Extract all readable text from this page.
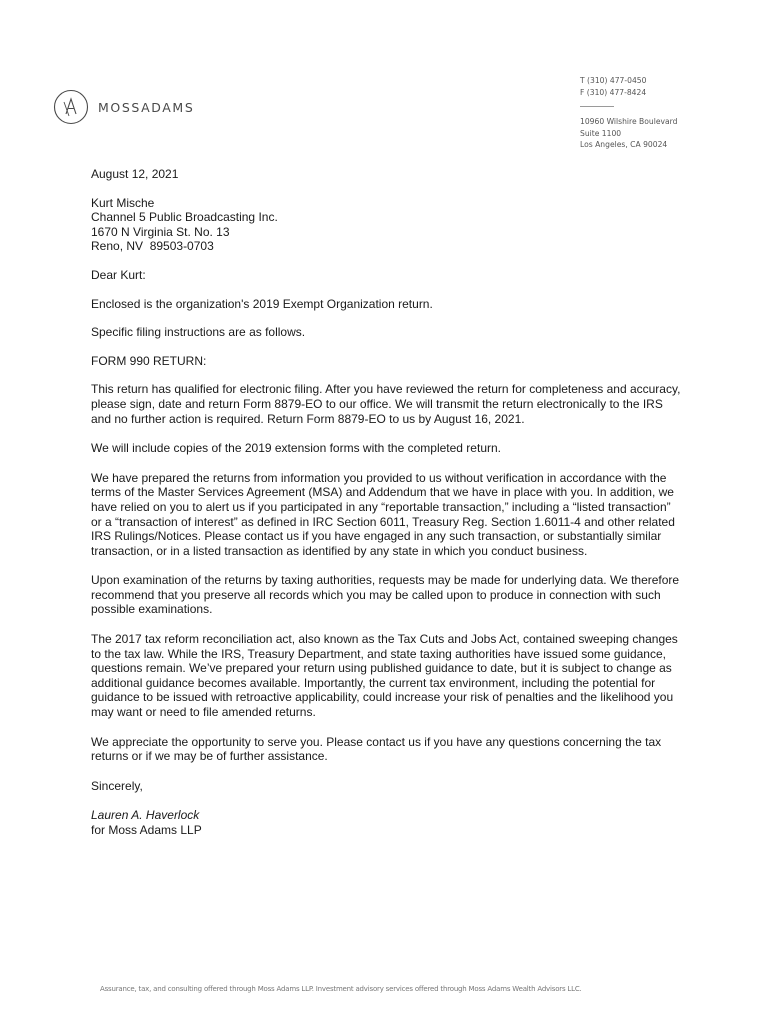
MOSSADAMS
T (310) 477-0450
F (310) 477-8424
10960 Wilshire Boulevard
Suite 1100
Los Angeles, CA 90024

August 12, 2021

Kurt Mische

Channel 5 Public Broadcasting Inc.

1670 N Virginia St. No. 13

Reno, NV  89503-0703

Dear Kurt:

Enclosed is the organization's 2019 Exempt Organization return.

Specific filing instructions are as follows.

FORM 990 RETURN:

This return has qualified for electronic filing. After you have reviewed the return for completeness and accuracy, please sign, date and return Form 8879-EO to our office. We will transmit the return electronically to the IRS and no further action is required. Return Form 8879-EO to us by August 16, 2021.

We will include copies of the 2019 extension forms with the completed return.

We have prepared the returns from information you provided to us without verification in accordance with the terms of the Master Services Agreement (MSA) and Addendum that we have in place with you. In addition, we have relied on you to alert us if you participated in any “reportable transaction,” including a “listed transaction” or a “transaction of interest” as defined in IRC Section 6011, Treasury Reg. Section 1.6011-4 and other related IRS Rulings/Notices. Please contact us if you have engaged in any such transaction, or substantially similar transaction, or in a listed transaction as identified by any state in which you conduct business.

Upon examination of the returns by taxing authorities, requests may be made for underlying data. We therefore recommend that you preserve all records which you may be called upon to produce in connection with such possible examinations.

The 2017 tax reform reconciliation act, also known as the Tax Cuts and Jobs Act, contained sweeping changes to the tax law. While the IRS, Treasury Department, and state taxing authorities have issued some guidance, questions remain. We’ve prepared your return using published guidance to date, but it is subject to change as additional guidance becomes available. Importantly, the current tax environment, including the potential for guidance to be issued with retroactive applicability, could increase your risk of penalties and the likelihood you may want or need to file amended returns.

We appreciate the opportunity to serve you. Please contact us if you have any questions concerning the tax returns or if we may be of further assistance.

Sincerely,

Lauren A. Haverlock

for Moss Adams LLP

Assurance, tax, and consulting offered through Moss Adams LLP. Investment advisory services offered through Moss Adams Wealth Advisors LLC.
